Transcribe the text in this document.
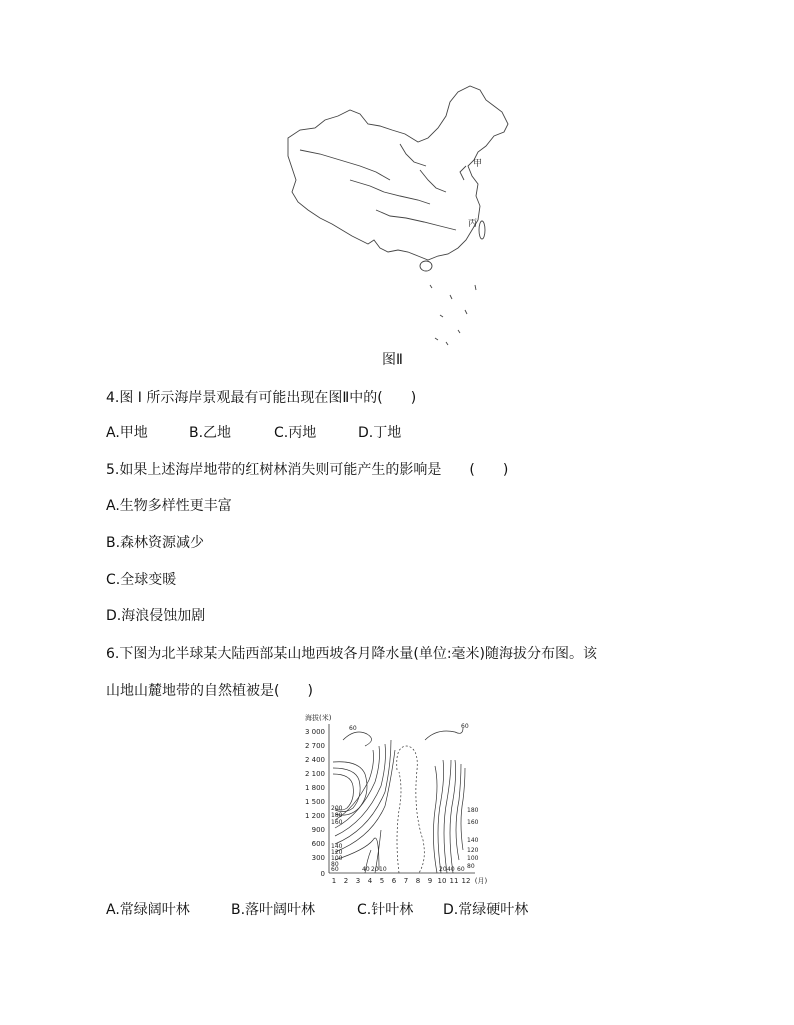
甲
丙
图Ⅱ
4.图 I 所示海岸景观最有可能出现在图Ⅱ中的(　　)
A.甲地	B.乙地	C.丙地	D.丁地
5.如果上述海岸地带的红树林消失则可能产生的影响是　　(　　)
A.生物多样性更丰富
B.森林资源减少
C.全球变暖
D.海浪侵蚀加剧
6.下图为北半球某大陆西部某山地西坡各月降水量(单位:毫米)随海拔分布图。该
山地山麓地带的自然植被是(　　)
海拔(米)
3 000
2 700
2 400
2 100
1 800
1 500
1 200
900
600
300
0
1 2 3 4 5 6 7 8 9 10 11 12 (月)
60
200
180
160
140
120
100
80
60
60
180
160
140
120
100
80
40 20 10	20 40 60
A.常绿阔叶林	B.落叶阔叶林	C.针叶林 D.常绿硬叶林
